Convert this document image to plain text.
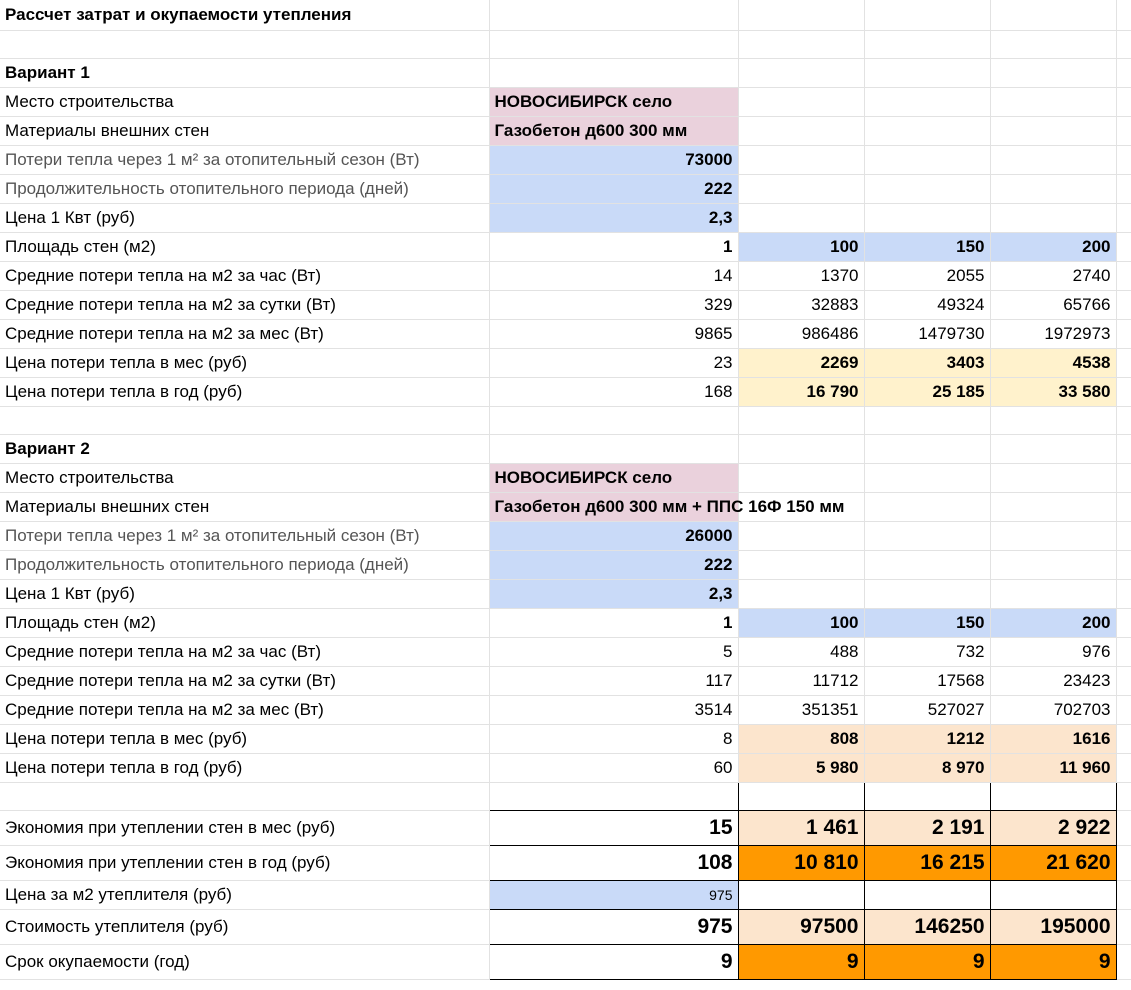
Рассчет затрат и окупаемости утепления					

Вариант 1					
Место строительства	НОВОСИБИРСК село				
Материалы внешних стен	Газобетон д600 300 мм				
Потери тепла через 1 м² за отопительный сезон (Вт)	73000				
Продолжительность отопительного периода (дней)	222				
Цена 1 Квт (руб)	2,3				
Площадь стен (м2)	1	100	150	200	
Средние потери тепла на м2 за час (Вт)	14	1370	2055	2740	
Средние потери тепла на м2 за сутки (Вт)	329	32883	49324	65766	
Средние потери тепла на м2 за мес (Вт)	9865	986486	1479730	1972973	
Цена потери тепла в мес (руб)	23	2269	3403	4538	
Цена потери тепла в год (руб)	168	16 790	25 185	33 580	

Вариант 2					
Место строительства	НОВОСИБИРСК село				
Материалы внешних стен	Газобетон д600 300 мм + ППС 16Ф 150 мм				
Потери тепла через 1 м² за отопительный сезон (Вт)	26000				
Продолжительность отопительного периода (дней)	222				
Цена 1 Квт (руб)	2,3				
Площадь стен (м2)	1	100	150	200	
Средние потери тепла на м2 за час (Вт)	5	488	732	976	
Средние потери тепла на м2 за сутки (Вт)	117	11712	17568	23423	
Средние потери тепла на м2 за мес (Вт)	3514	351351	527027	702703	
Цена потери тепла в мес (руб)	8	808	1212	1616	
Цена потери тепла в год (руб)	60	5 980	8 970	11 960	

Экономия при утеплении стен в мес (руб)	15	1 461	2 191	2 922	
Экономия при утеплении стен в год (руб)	108	10 810	16 215	21 620	
Цена за м2 утеплителя (руб)	975				
Стоимость утеплителя (руб)	975	97500	146250	195000	
Срок окупаемости (год)	9	9	9	9	
